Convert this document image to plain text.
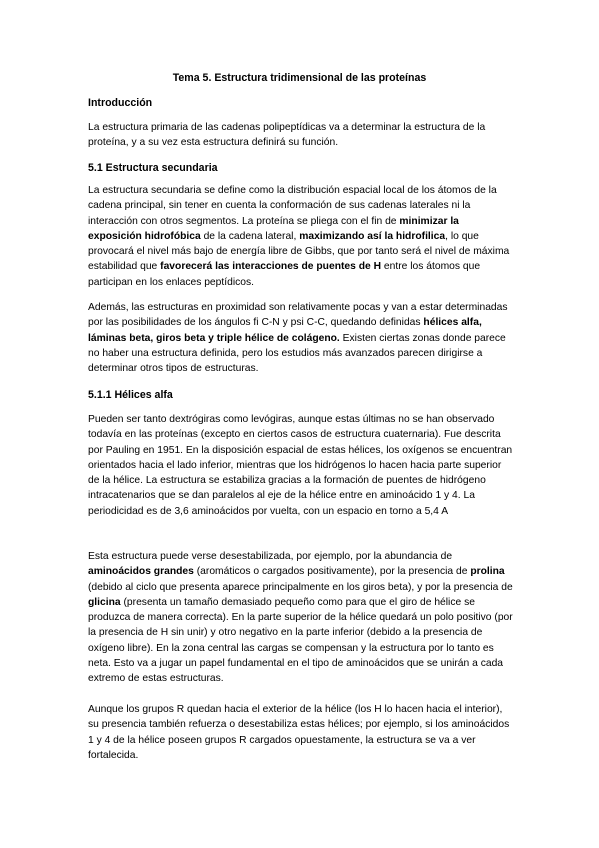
Tema 5. Estructura tridimensional de las proteínas
Introducción
La estructura primaria de las cadenas polipeptídicas va a determinar la estructura de la proteína, y a su vez esta estructura definirá su función.
5.1 Estructura secundaria
La estructura secundaria se define como la distribución espacial local de los átomos de la cadena principal, sin tener en cuenta la conformación de sus cadenas laterales ni la interacción con otros segmentos. La proteína se pliega con el fin de minimizar la exposición hidrofóbica de la cadena lateral, maximizando así la hidrofilica, lo que provocará el nivel más bajo de energía libre de Gibbs, que por tanto será el nivel de máxima estabilidad que favorecerá las interacciones de puentes de H entre los átomos que participan en los enlaces peptídicos.
Además, las estructuras en proximidad son relativamente pocas y van a estar determinadas por las posibilidades de los ángulos fi C-N y psi C-C, quedando definidas hélices alfa, láminas beta, giros beta y triple hélice de colágeno. Existen ciertas zonas donde parece no haber una estructura definida, pero los estudios más avanzados parecen dirigirse a determinar otros tipos de estructuras.
5.1.1 Hélices alfa
Pueden ser tanto dextrógiras como levógiras, aunque estas últimas no se han observado todavía en las proteínas (excepto en ciertos casos de estructura cuaternaria). Fue descrita por Pauling en 1951. En la disposición espacial de estas hélices, los oxígenos se encuentran orientados hacia el lado inferior, mientras que los hidrógenos lo hacen hacia parte superior de la hélice. La estructura se estabiliza gracias a la formación de puentes de hidrógeno intracatenarios que se dan paralelos al eje de la hélice entre en aminoácido 1 y 4. La periodicidad es de 3,6 aminoácidos por vuelta, con un espacio en torno a 5,4 A
Esta estructura puede verse desestabilizada, por ejemplo, por la abundancia de aminoácidos grandes (aromáticos o cargados positivamente), por la presencia de prolina (debido al ciclo que presenta aparece principalmente en los giros beta), y por la presencia de glicina (presenta un tamaño demasiado pequeño como para que el giro de hélice se produzca de manera correcta). En la parte superior de la hélice quedará un polo positivo (por la presencia de H sin unir) y otro negativo en la parte inferior (debido a la presencia de oxígeno libre). En la zona central las cargas se compensan y la estructura por lo tanto es neta. Esto va a jugar un papel fundamental en el tipo de aminoácidos que se unirán a cada extremo de estas estructuras.
Aunque los grupos R quedan hacia el exterior de la hélice (los H lo hacen hacia el interior), su presencia también refuerza o desestabiliza estas hélices; por ejemplo, si los aminoácidos 1 y 4 de la hélice poseen grupos R cargados opuestamente, la estructura se va a ver fortalecida.
